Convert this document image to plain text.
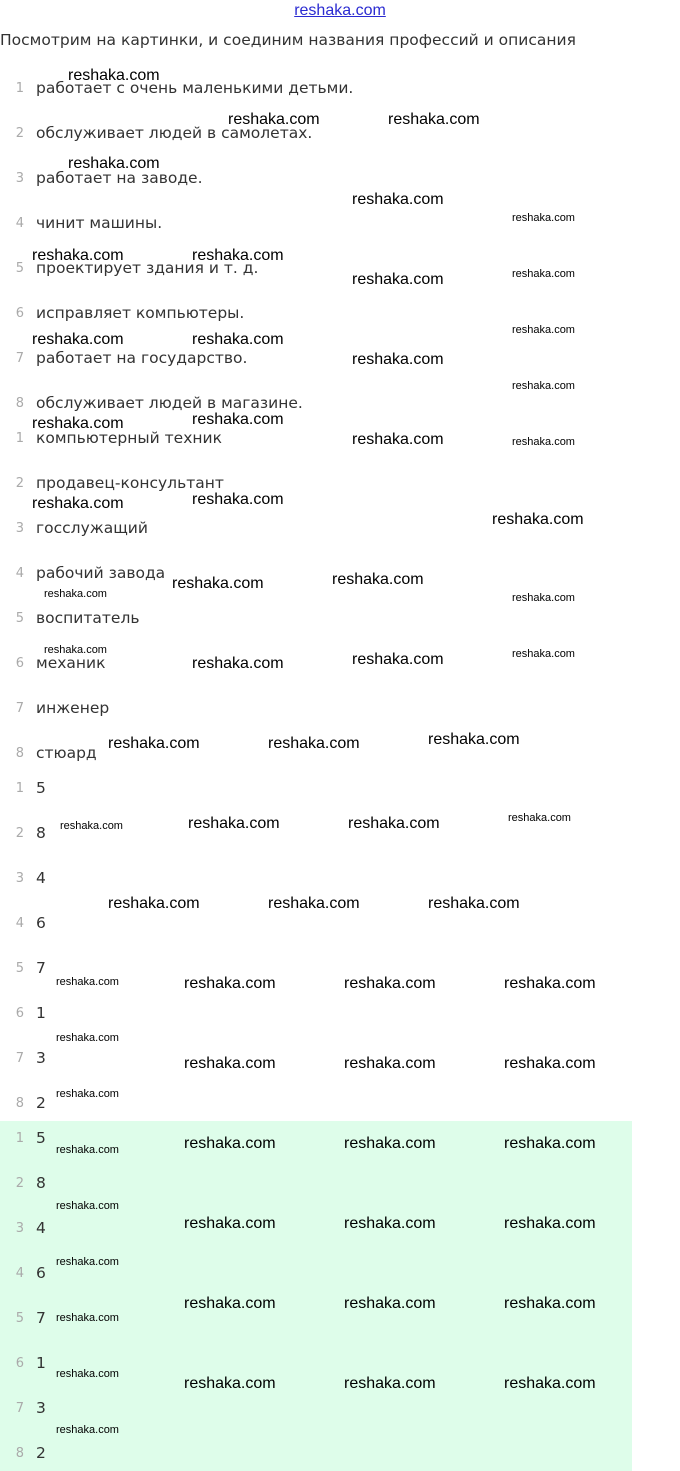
reshaka.com
Посмотрим на картинки, и соединим названия профессий и описания
1 работает с очень маленькими детьми.
2 обслуживает людей в самолетах.
3 работает на заводе.
4 чинит машины.
5 проектирует здания и т. д.
6 исправляет компьютеры.
7 работает на государство.
8 обслуживает людей в магазине.
1 компьютерный техник
2 продавец-консультант
3 госслужащий
4 рабочий завода
5 воспитатель
6 механик
7 инженер
8 стюард
1 5
2 8
3 4
4 6
5 7
6 1
7 3
8 2
1 5
2 8
3 4
4 6
5 7
6 1
7 3
8 2
reshaka.com
reshaka.com	reshaka.com
reshaka.com
reshaka.com
reshaka.com
reshaka.com	reshaka.com
reshaka.com
reshaka.com
reshaka.com
reshaka.com	reshaka.com
reshaka.com
reshaka.com
reshaka.com
reshaka.com
reshaka.com	reshaka.com
reshaka.com
reshaka.com
reshaka.com
reshaka.com
reshaka.com
reshaka.com	reshaka.com
reshaka.com	reshaka.com
reshaka.com
reshaka.com
reshaka.com
reshaka.com	reshaka.com
reshaka.com
reshaka.com	reshaka.com
reshaka.com
reshaka.com	reshaka.com	reshaka.com
reshaka.com	reshaka.com	reshaka.com	reshaka.com
reshaka.com
reshaka.com	reshaka.com	reshaka.com
reshaka.com
reshaka.com	reshaka.com	reshaka.com
reshaka.com
reshaka.com
reshaka.com	reshaka.com	reshaka.com
reshaka.com
reshaka.com	reshaka.com	reshaka.com
reshaka.com
reshaka.com
reshaka.com	reshaka.com	reshaka.com
reshaka.com
